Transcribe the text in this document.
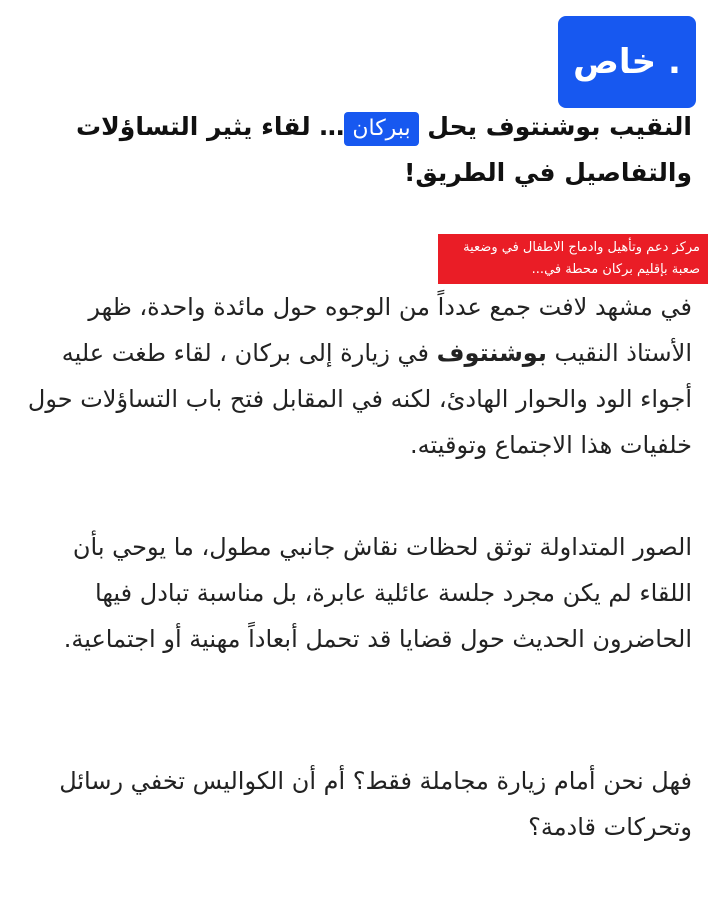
خاص .
النقيب بوشنتوف يحل ببركان… لقاء يثير التساؤلات والتفاصيل في الطريق!
مركز دعم وتأهيل وادماج الاطفال في وضعية صعبة بإقليم بركان محطة في...
في مشهد لافت جمع عدداً من الوجوه حول مائدة واحدة، ظهر الأستاذ النقيب بوشنتوف في زيارة إلى بركان ، لقاء طغت عليه أجواء الود والحوار الهادئ، لكنه في المقابل فتح باب التساؤلات حول خلفيات هذا الاجتماع وتوقيته.
الصور المتداولة توثق لحظات نقاش جانبي مطول، ما يوحي بأن اللقاء لم يكن مجرد جلسة عائلية عابرة، بل مناسبة تبادل فيها الحاضرون الحديث حول قضايا قد تحمل أبعاداً مهنية أو اجتماعية.
فهل نحن أمام زيارة مجاملة فقط؟ أم أن الكواليس تخفي رسائل وتحركات قادمة؟
